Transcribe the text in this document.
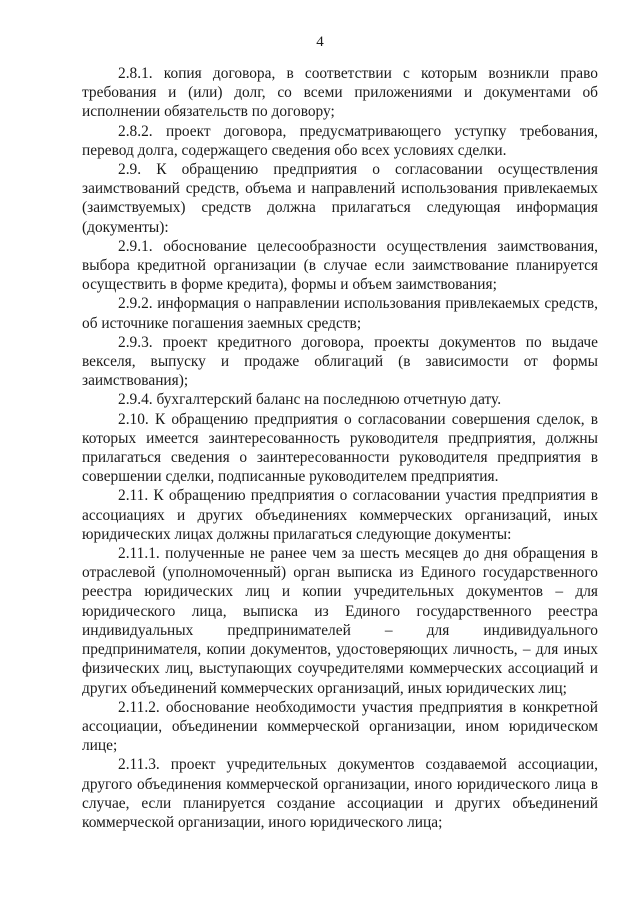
4

2.8.1. копия договора, в соответствии с которым возникли право требования и (или) долг, со всеми приложениями и документами об исполнении обязательств по договору;

2.8.2. проект договора, предусматривающего уступку требования, перевод долга, содержащего сведения обо всех условиях сделки.

2.9. К обращению предприятия о согласовании осуществления заимствований средств, объема и направлений использования привлекаемых (заимствуемых) средств должна прилагаться следующая информация (документы):

2.9.1. обоснование целесообразности осуществления заимствования, выбора кредитной организации (в случае если заимствование планируется осуществить в форме кредита), формы и объем заимствования;

2.9.2. информация о направлении использования привлекаемых средств, об источнике погашения заемных средств;

2.9.3. проект кредитного договора, проекты документов по выдаче векселя, выпуску и продаже облигаций (в зависимости от формы заимствования);

2.9.4. бухгалтерский баланс на последнюю отчетную дату.

2.10. К обращению предприятия о согласовании совершения сделок, в которых имеется заинтересованность руководителя предприятия, должны прилагаться сведения о заинтересованности руководителя предприятия в совершении сделки, подписанные руководителем предприятия.

2.11. К обращению предприятия о согласовании участия предприятия в ассоциациях и других объединениях коммерческих организаций, иных юридических лицах должны прилагаться следующие документы:

2.11.1. полученные не ранее чем за шесть месяцев до дня обращения в отраслевой (уполномоченный) орган выписка из Единого государственного реестра юридических лиц и копии учредительных документов – для юридического лица, выписка из Единого государственного реестра индивидуальных предпринимателей – для индивидуального предпринимателя, копии документов, удостоверяющих личность, – для иных физических лиц, выступающих соучредителями коммерческих ассоциаций и других объединений коммерческих организаций, иных юридических лиц;

2.11.2. обоснование необходимости участия предприятия в конкретной ассоциации, объединении коммерческой организации, ином юридическом лице;

2.11.3. проект учредительных документов создаваемой ассоциации, другого объединения коммерческой организации, иного юридического лица в случае, если планируется создание ассоциации и других объединений коммерческой организации, иного юридического лица;
